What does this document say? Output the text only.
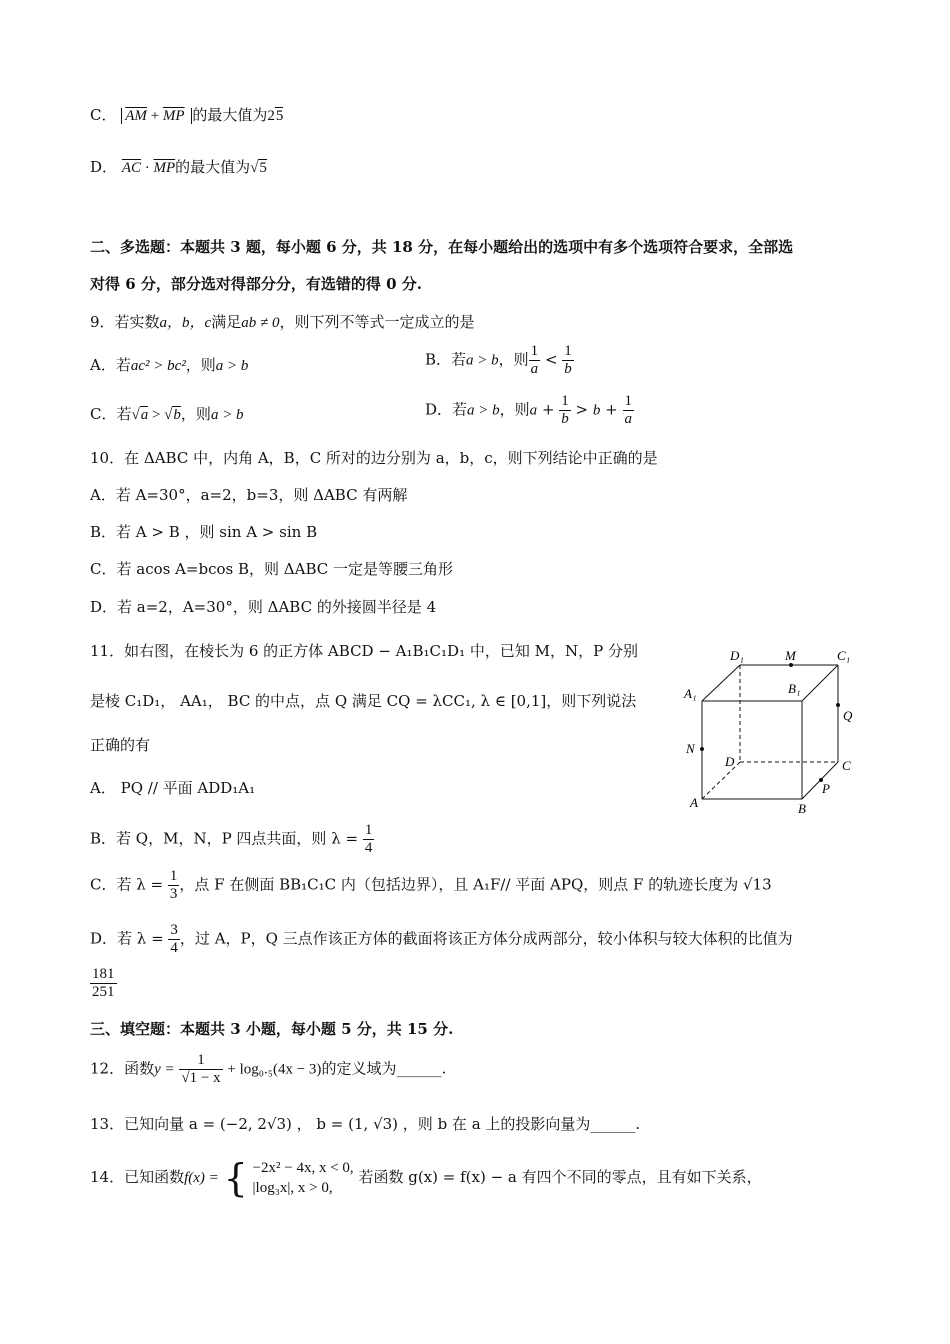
C． $\overline{AM} + \overline{MP}$ 的最大值为25
D． $\overline{AC} \cdot \overline{MP}$的最大值为√5
二、多选题：本题共 3 题，每小题 6 分，共 18 分，在每小题给出的选项中有多个选项符合要求，全部选
对得 6 分，部分选对得部分分，有选错的得 0 分.
9．若实数a，b，c满足ab ≠ 0，则下列不等式一定成立的是
A．若ac² > bc²，则a > b	B．若a > b，则 $\frac{1}{a} < \frac{1}{b}$
C．若√a > √b，则a > b	D．若a > b，则$a + \frac{1}{b} > b + \frac{1}{a}$
10．在 ΔABC 中，内角 A，B，C 所对的边分别为 a，b，c，则下列结论中正确的是
A．若 A=30°，a=2，b=3，则 ΔABC 有两解
B．若 A > B ，则 sin A > sin B
C．若 acos A=bcos B，则 ΔABC 一定是等腰三角形
D．若 a=2，A=30°，则 ΔABC 的外接圆半径是 4
11．如右图，在棱长为 6 的正方体 ABCD − A₁B₁C₁D₁ 中，已知 M，N，P 分别
是棱 C₁D₁， AA₁， BC 的中点，点 Q 满足 CQ = λCC₁, λ ∈ [0,1]，则下列说法
正确的有
A． PQ // 平面 ADD₁A₁
B．若 Q，M，N，P 四点共面，则 $\lambda = \frac{1}{4}$
C．若 $\lambda = \frac{1}{3}$ ，点 F 在侧面 BB₁C₁C 内（包括边界），且 A₁F// 平面 APQ，则点 F 的轨迹长度为 √13
D．若 $\lambda = \frac{3}{4}$ ，过 A，P，Q 三点作该正方体的截面将该正方体分成两部分，较小体积与较大体积的比值为
$\frac{181}{251}$
D₁	M	C₁
A₁	B₁
Q
N
D	C
P
A	B
三、填空题：本题共 3 小题，每小题 5 分，共 15 分.
12．函数$y = \frac{1}{√1 - x} + \log_0._5(4x - 3)$的定义域为______.
13．已知向量 a = (−2, 2√3) ， b = (1, √3) ，则 b 在 a 上的投影向量为______.
14．已知函数f(x) = { −2x² − 4x, x < 0,
|log₃x|, x > 0,
若函数 g(x) = f(x) − a 有四个不同的零点，且有如下关系，
